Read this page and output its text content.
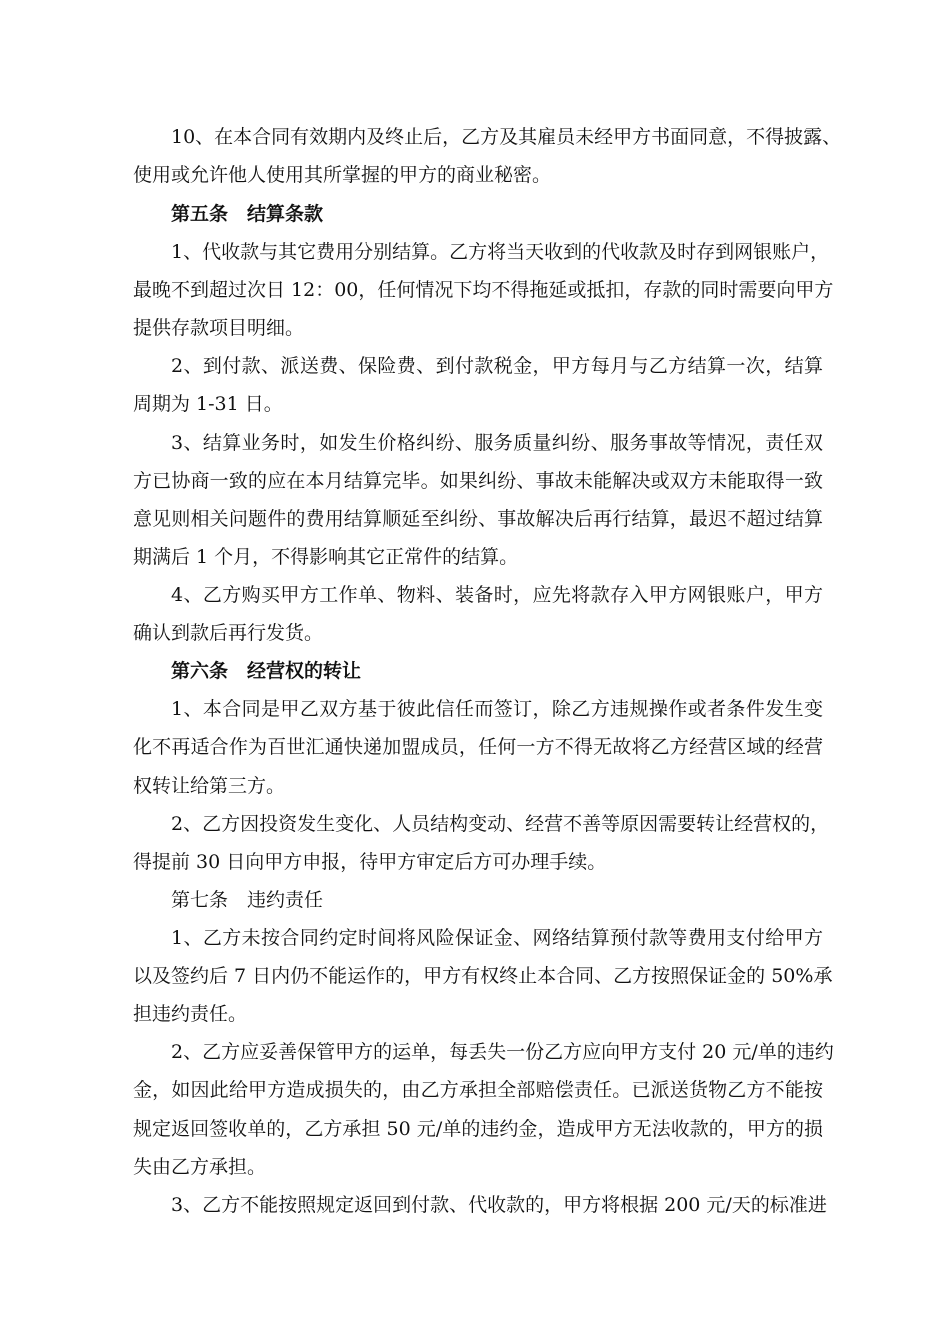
10、在本合同有效期内及终止后，乙方及其雇员未经甲方书面同意，不得披露、
使用或允许他人使用其所掌握的甲方的商业秘密。
第五条　结算条款
1、代收款与其它费用分别结算。乙方将当天收到的代收款及时存到网银账户，
最晚不到超过次日 12：00，任何情况下均不得拖延或抵扣，存款的同时需要向甲方
提供存款项目明细。
2、到付款、派送费、保险费、到付款税金，甲方每月与乙方结算一次，结算
周期为 1-31 日。
3、结算业务时，如发生价格纠纷、服务质量纠纷、服务事故等情况，责任双
方已协商一致的应在本月结算完毕。如果纠纷、事故未能解决或双方未能取得一致
意见则相关问题件的费用结算顺延至纠纷、事故解决后再行结算，最迟不超过结算
期满后 1 个月，不得影响其它正常件的结算。
4、乙方购买甲方工作单、物料、装备时，应先将款存入甲方网银账户，甲方
确认到款后再行发货。
第六条　经营权的转让
1、本合同是甲乙双方基于彼此信任而签订，除乙方违规操作或者条件发生变
化不再适合作为百世汇通快递加盟成员，任何一方不得无故将乙方经营区域的经营
权转让给第三方。
2、乙方因投资发生变化、人员结构变动、经营不善等原因需要转让经营权的，
得提前 30 日向甲方申报，待甲方审定后方可办理手续。
第七条　违约责任
1、乙方未按合同约定时间将风险保证金、网络结算预付款等费用支付给甲方
以及签约后 7 日内仍不能运作的，甲方有权终止本合同、乙方按照保证金的 50%承
担违约责任。
2、乙方应妥善保管甲方的运单，每丢失一份乙方应向甲方支付 20 元/单的违约
金，如因此给甲方造成损失的，由乙方承担全部赔偿责任。已派送货物乙方不能按
规定返回签收单的，乙方承担 50 元/单的违约金，造成甲方无法收款的，甲方的损
失由乙方承担。
3、乙方不能按照规定返回到付款、代收款的，甲方将根据 200 元/天的标准进
